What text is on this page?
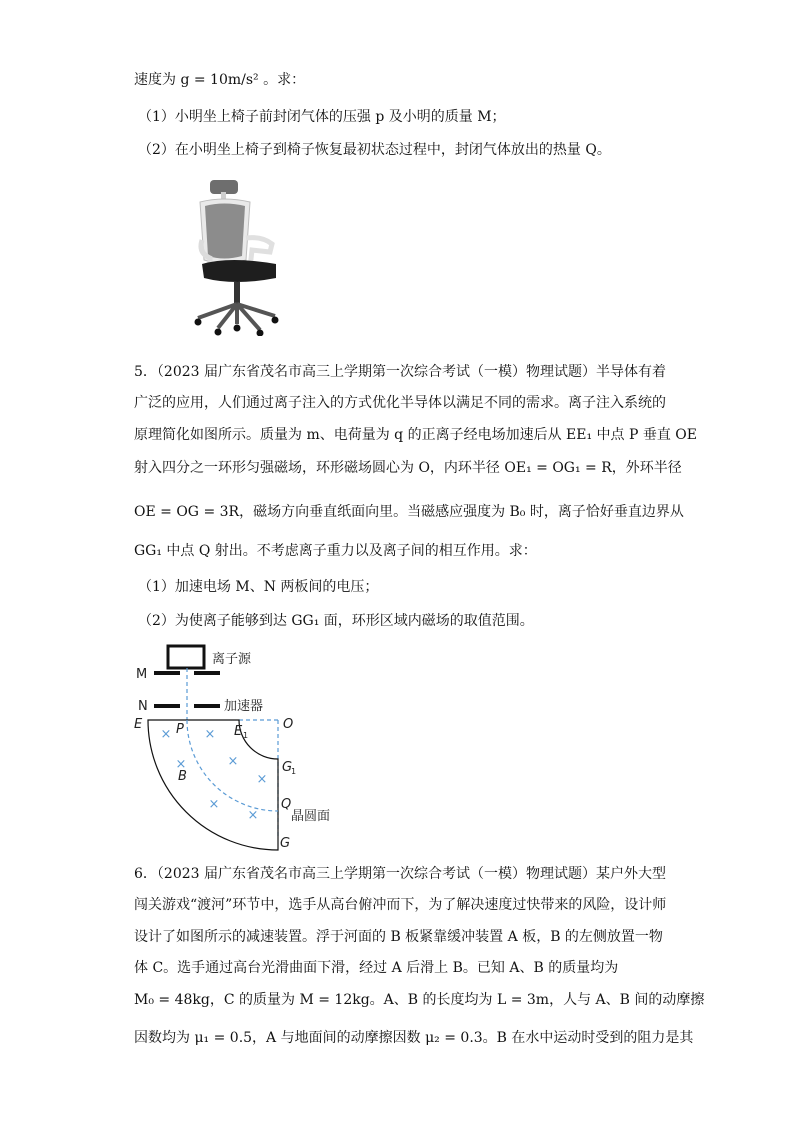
速度为 g = 10m/s² 。求：
（1）小明坐上椅子前封闭气体的压强 p 及小明的质量 M；
（2）在小明坐上椅子到椅子恢复最初状态过程中，封闭气体放出的热量 Q。
5．（2023 届广东省茂名市高三上学期第一次综合考试（一模）物理试题）半导体有着
广泛的应用，人们通过离子注入的方式优化半导体以满足不同的需求。离子注入系统的
原理简化如图所示。质量为 m、电荷量为 q 的正离子经电场加速后从 EE₁ 中点 P 垂直 OE
射入四分之一环形匀强磁场，环形磁场圆心为 O，内环半径 OE₁ = OG₁ = R，外环半径
OE = OG = 3R，磁场方向垂直纸面向里。当磁感应强度为 B₀ 时，离子恰好垂直边界从
GG₁ 中点 Q 射出。不考虑离子重力以及离子间的相互作用。求：
（1）加速电场 M、N 两板间的电压；
（2）为使离子能够到达 GG₁ 面，环形区域内磁场的取值范围。
×	×
×	×
×
×
×
M
N
离子源
加速器
E	P	E 1
O
G
1
B
Q
G
晶圆面
6．（2023 届广东省茂名市高三上学期第一次综合考试（一模）物理试题）某户外大型
闯关游戏“渡河”环节中，选手从高台俯冲而下，为了解决速度过快带来的风险，设计师
设计了如图所示的减速装置。浮于河面的 B 板紧靠缓冲装置 A 板，B 的左侧放置一物
体 C。选手通过高台光滑曲面下滑，经过 A 后滑上 B。已知 A、B 的质量均为
M₀ = 48kg，C 的质量为 M = 12kg。A、B 的长度均为 L = 3m，人与 A、B 间的动摩擦
因数均为 μ₁ = 0.5，A 与地面间的动摩擦因数 μ₂ = 0.3。B 在水中运动时受到的阻力是其
